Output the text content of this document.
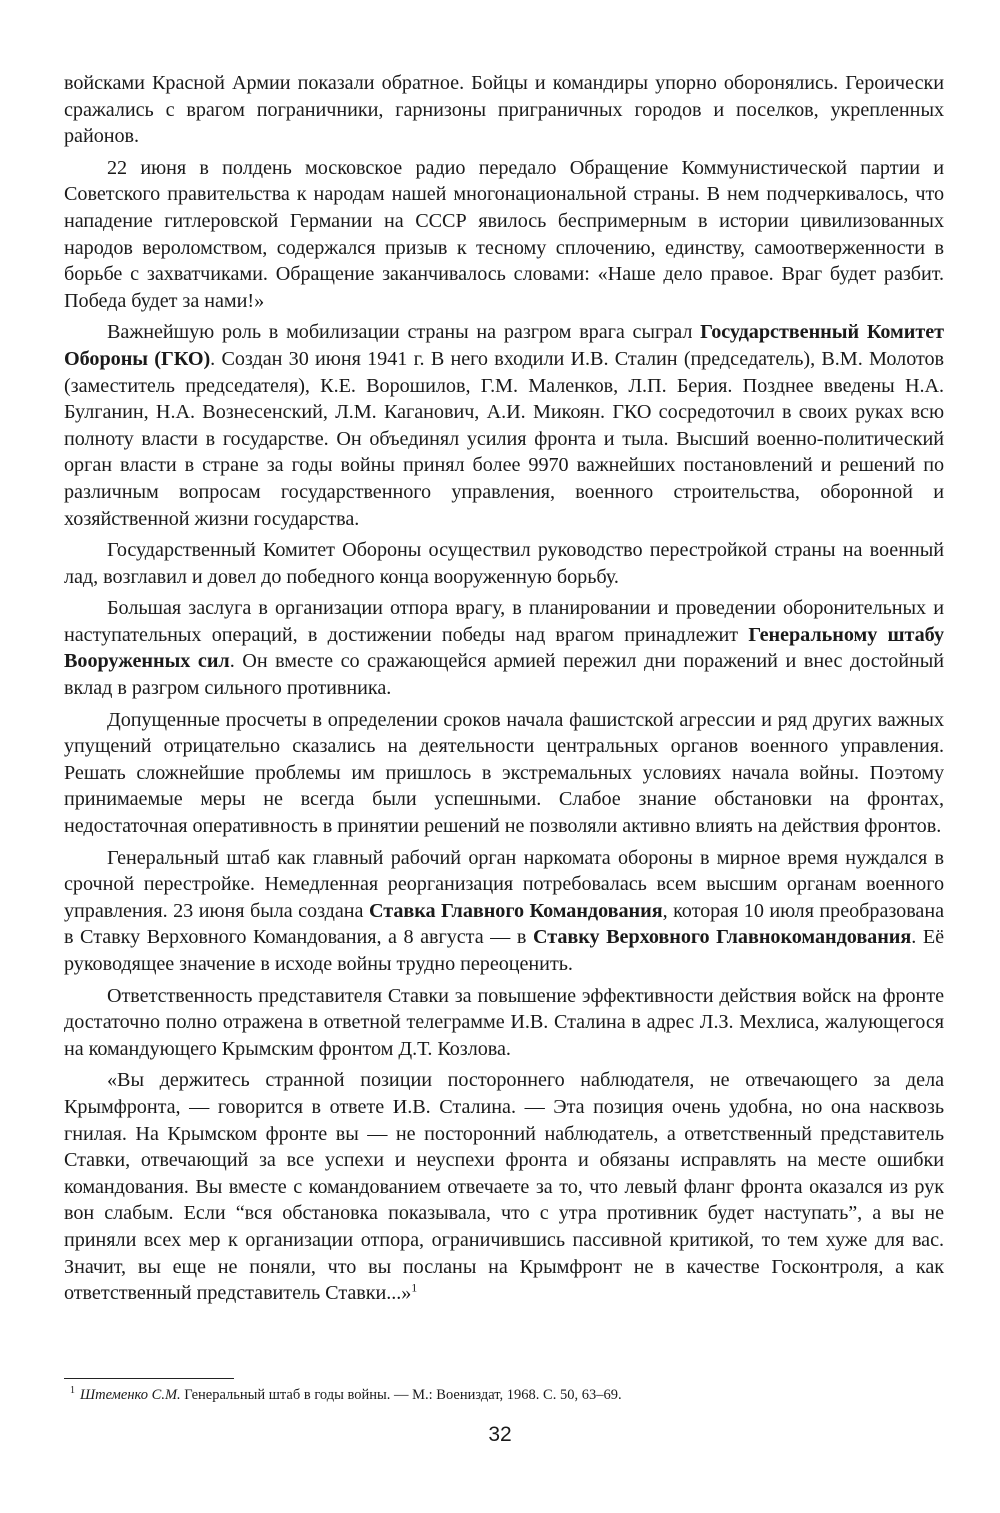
войсками Красной Армии показали обратное. Бойцы и командиры упорно оборонялись. Героически сражались с врагом пограничники, гарнизоны приграничных городов и поселков, укрепленных районов.

22 июня в полдень московское радио передало Обращение Коммунистической партии и Советского правительства к народам нашей многонациональной страны. В нем подчеркивалось, что нападение гитлеровской Германии на СССР явилось беспримерным в истории цивилизованных народов вероломством, содержался призыв к тесному сплочению, единству, самоотверженности в борьбе с захватчиками. Обращение заканчивалось словами: «Наше дело правое. Враг будет разбит. Победа будет за нами!»

Важнейшую роль в мобилизации страны на разгром врага сыграл Государственный Комитет Обороны (ГКО). Создан 30 июня 1941 г. В него входили И.В. Сталин (председатель), В.М. Молотов (заместитель председателя), К.Е. Ворошилов, Г.М. Маленков, Л.П. Берия. Позднее введены Н.А. Булганин, Н.А. Вознесенский, Л.М. Каганович, А.И. Микоян. ГКО сосредоточил в своих руках всю полноту власти в государстве. Он объединял усилия фронта и тыла. Высший военно-политический орган власти в стране за годы войны принял более 9970 важнейших постановлений и решений по различным вопросам государственного управления, военного строительства, оборонной и хозяйственной жизни государства.

Государственный Комитет Обороны осуществил руководство перестройкой страны на военный лад, возглавил и довел до победного конца вооруженную борьбу.

Большая заслуга в организации отпора врагу, в планировании и проведении оборонительных и наступательных операций, в достижении победы над врагом принадлежит Генеральному штабу Вооруженных сил. Он вместе со сражающейся армией пережил дни поражений и внес достойный вклад в разгром сильного противника.

Допущенные просчеты в определении сроков начала фашистской агрессии и ряд других важных упущений отрицательно сказались на деятельности центральных органов военного управления. Решать сложнейшие проблемы им пришлось в экстремальных условиях начала войны. Поэтому принимаемые меры не всегда были успешными. Слабое знание обстановки на фронтах, недостаточная оперативность в принятии решений не позволяли активно влиять на действия фронтов.

Генеральный штаб как главный рабочий орган наркомата обороны в мирное время нуждался в срочной перестройке. Немедленная реорганизация потребовалась всем высшим органам военного управления. 23 июня была создана Ставка Главного Командования, которая 10 июля преобразована в Ставку Верховного Командования, а 8 августа — в Ставку Верховного Главнокомандования. Её руководящее значение в исходе войны трудно переоценить.

Ответственность представителя Ставки за повышение эффективности действия войск на фронте достаточно полно отражена в ответной телеграмме И.В. Сталина в адрес Л.З. Мехлиса, жалующегося на командующего Крымским фронтом Д.Т. Козлова.

«Вы держитесь странной позиции постороннего наблюдателя, не отвечающего за дела Крымфронта, — говорится в ответе И.В. Сталина. — Эта позиция очень удобна, но она насквозь гнилая. На Крымском фронте вы — не посторонний наблюдатель, а ответственный представитель Ставки, отвечающий за все успехи и неуспехи фронта и обязаны исправлять на месте ошибки командования. Вы вместе с командованием отвечаете за то, что левый фланг фронта оказался из рук вон слабым. Если “вся обстановка показывала, что с утра противник будет наступать”, а вы не приняли всех мер к организации отпора, ограничившись пассивной критикой, то тем хуже для вас. Значит, вы еще не поняли, что вы посланы на Крымфронт не в качестве Госконтроля, а как ответственный представитель Ставки...»$^1$

$^1$ Штеменко С.М. Генеральный штаб в годы войны. — М.: Воениздат, 1968. С. 50, 63–69.
32
